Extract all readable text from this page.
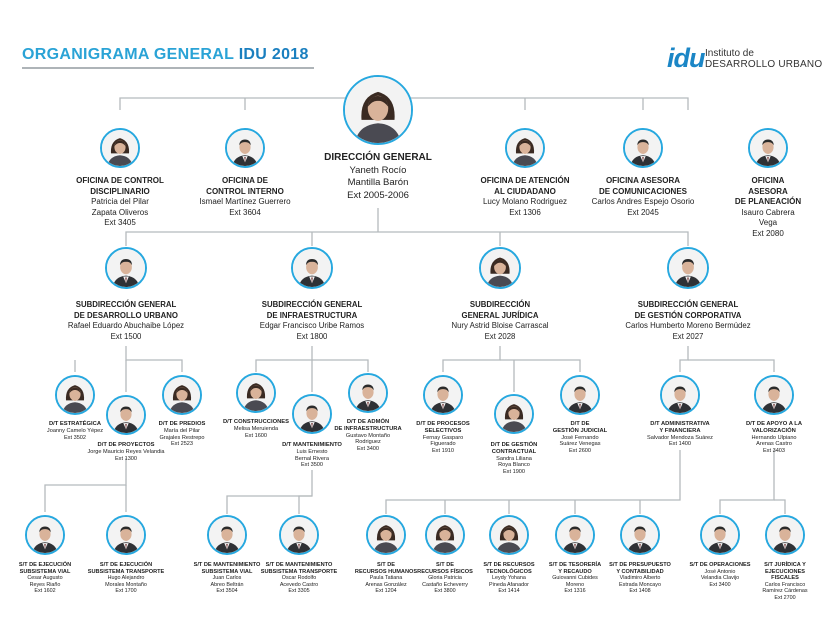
ORGANIGRAMA GENERAL IDU 2018	idu Instituto de
DESARROLLO URBANO
DIRECCIÓN GENERAL
Yaneth Rocío
Mantilla Barón
Ext 2005-2006
OFICINA DE CONTROL
DISCIPLINARIO
Patricia del Pilar
Zapata Oliveros
Ext 3405
OFICINA DE
CONTROL INTERNO
Ismael Martínez Guerrero
Ext 3604
OFICINA DE ATENCIÓN
AL CIUDADANO
Lucy Molano Rodriguez
Ext 1306
OFICINA ASESORA
DE COMUNICACIONES
Carlos Andres Espejo Osorio
Ext 2045
OFICINA ASESORA
DE PLANEACIÓN
Isauro Cabrera Vega
Ext 2080
SUBDIRECCIÓN GENERAL
DE DESARROLLO URBANO
Rafael Eduardo Abuchaibe López
Ext 1500
SUBDIRECCIÓN GENERAL
DE INFRAESTRUCTURA
Edgar Francisco Uribe Ramos
Ext 1800
SUBDIRECCIÓN
GENERAL JURÍDICA
Nury Astrid Bloise Carrascal
Ext 2028
SUBDIRECCIÓN GENERAL
DE GESTIÓN CORPORATIVA
Carlos Humberto Moreno Bermúdez
Ext 2027
D/T ESTRATÉGICA
Joanny Camelo Yépez
Ext 3502
D/T DE PROYECTOS
Jorge Mauricio Reyes Velandia
Ext 1300
D/T DE PREDIOS
María del Pilar
Grajales Restrepo
Ext 2523
D/T CONSTRUCCIONES
Melisa Meruienda
Ext 1600
D/T MANTENIMIENTO
Luis Ernesto
Bernal Rivera
Ext 3500
D/T DE ADMÓN
DE INFRAESTRUCTURA
Gustavo Montaño
Rodriguez
Ext 3400
D/T DE PROCESOS
SELECTIVOS
Fernay Gasparo
Figuerado
Ext 1910
D/T DE GESTIÓN
CONTRACTUAL
Sandra Liliana
Roya Blanco
Ext 1900
D/T DE
GESTIÓN JUDICIAL
José Fernando
Suárez Venegas
Ext 2600
D/T ADMINISTRATIVA
Y FINANCIERA
Salvador Mendoza Suárez
Ext 1400
D/T DE APOYO A LA
VALORIZACIÓN
Hernando Ulpiano
Arenas Castro
Ext 3403
S/T DE EJECUCIÓN
SUBSISTEMA VIAL
Cesar Augusto
Reyes Riaño
Ext 1602
S/T DE EJECUCIÓN
SUBSISTEMA TRANSPORTE
Hugo Alejandro
Morales Montaño
Ext 1700
S/T DE MANTENIMIENTO
SUBSISTEMA VIAL
Juan Carlos
Abreo Beltrán
Ext 3504
S/T DE MANTENIMIENTO
SUBSISTEMA TRANSPORTE
Oscar Rodolfo
Acevedo Castro
Ext 3305
S/T DE
RECURSOS HUMANOS
Paula Tatiana
Arenas González
Ext 1204
S/T DE
RECURSOS FÍSICOS
Gloria Patricia
Castaño Echeverry
Ext 3800
S/T DE RECURSOS
TECNOLÓGICOS
Leydy Yohana
Pineda Afanador
Ext 1414
S/T DE TESORERÍA
Y RECAUDO
Guiovanni Cubides
Moreno
Ext 1316
S/T DE PRESUPUESTO
Y CONTABILIDAD
Vladimiro Alberto
Estrada Moncayo
Ext 1408
S/T DE OPERACIONES
José Antonio
Velandia Clavijo
Ext 3400
S/T JURÍDICA Y
EJECUCIONES FISCALES
Carlos Francisco
Ramírez Cárdenas
Ext 2700
